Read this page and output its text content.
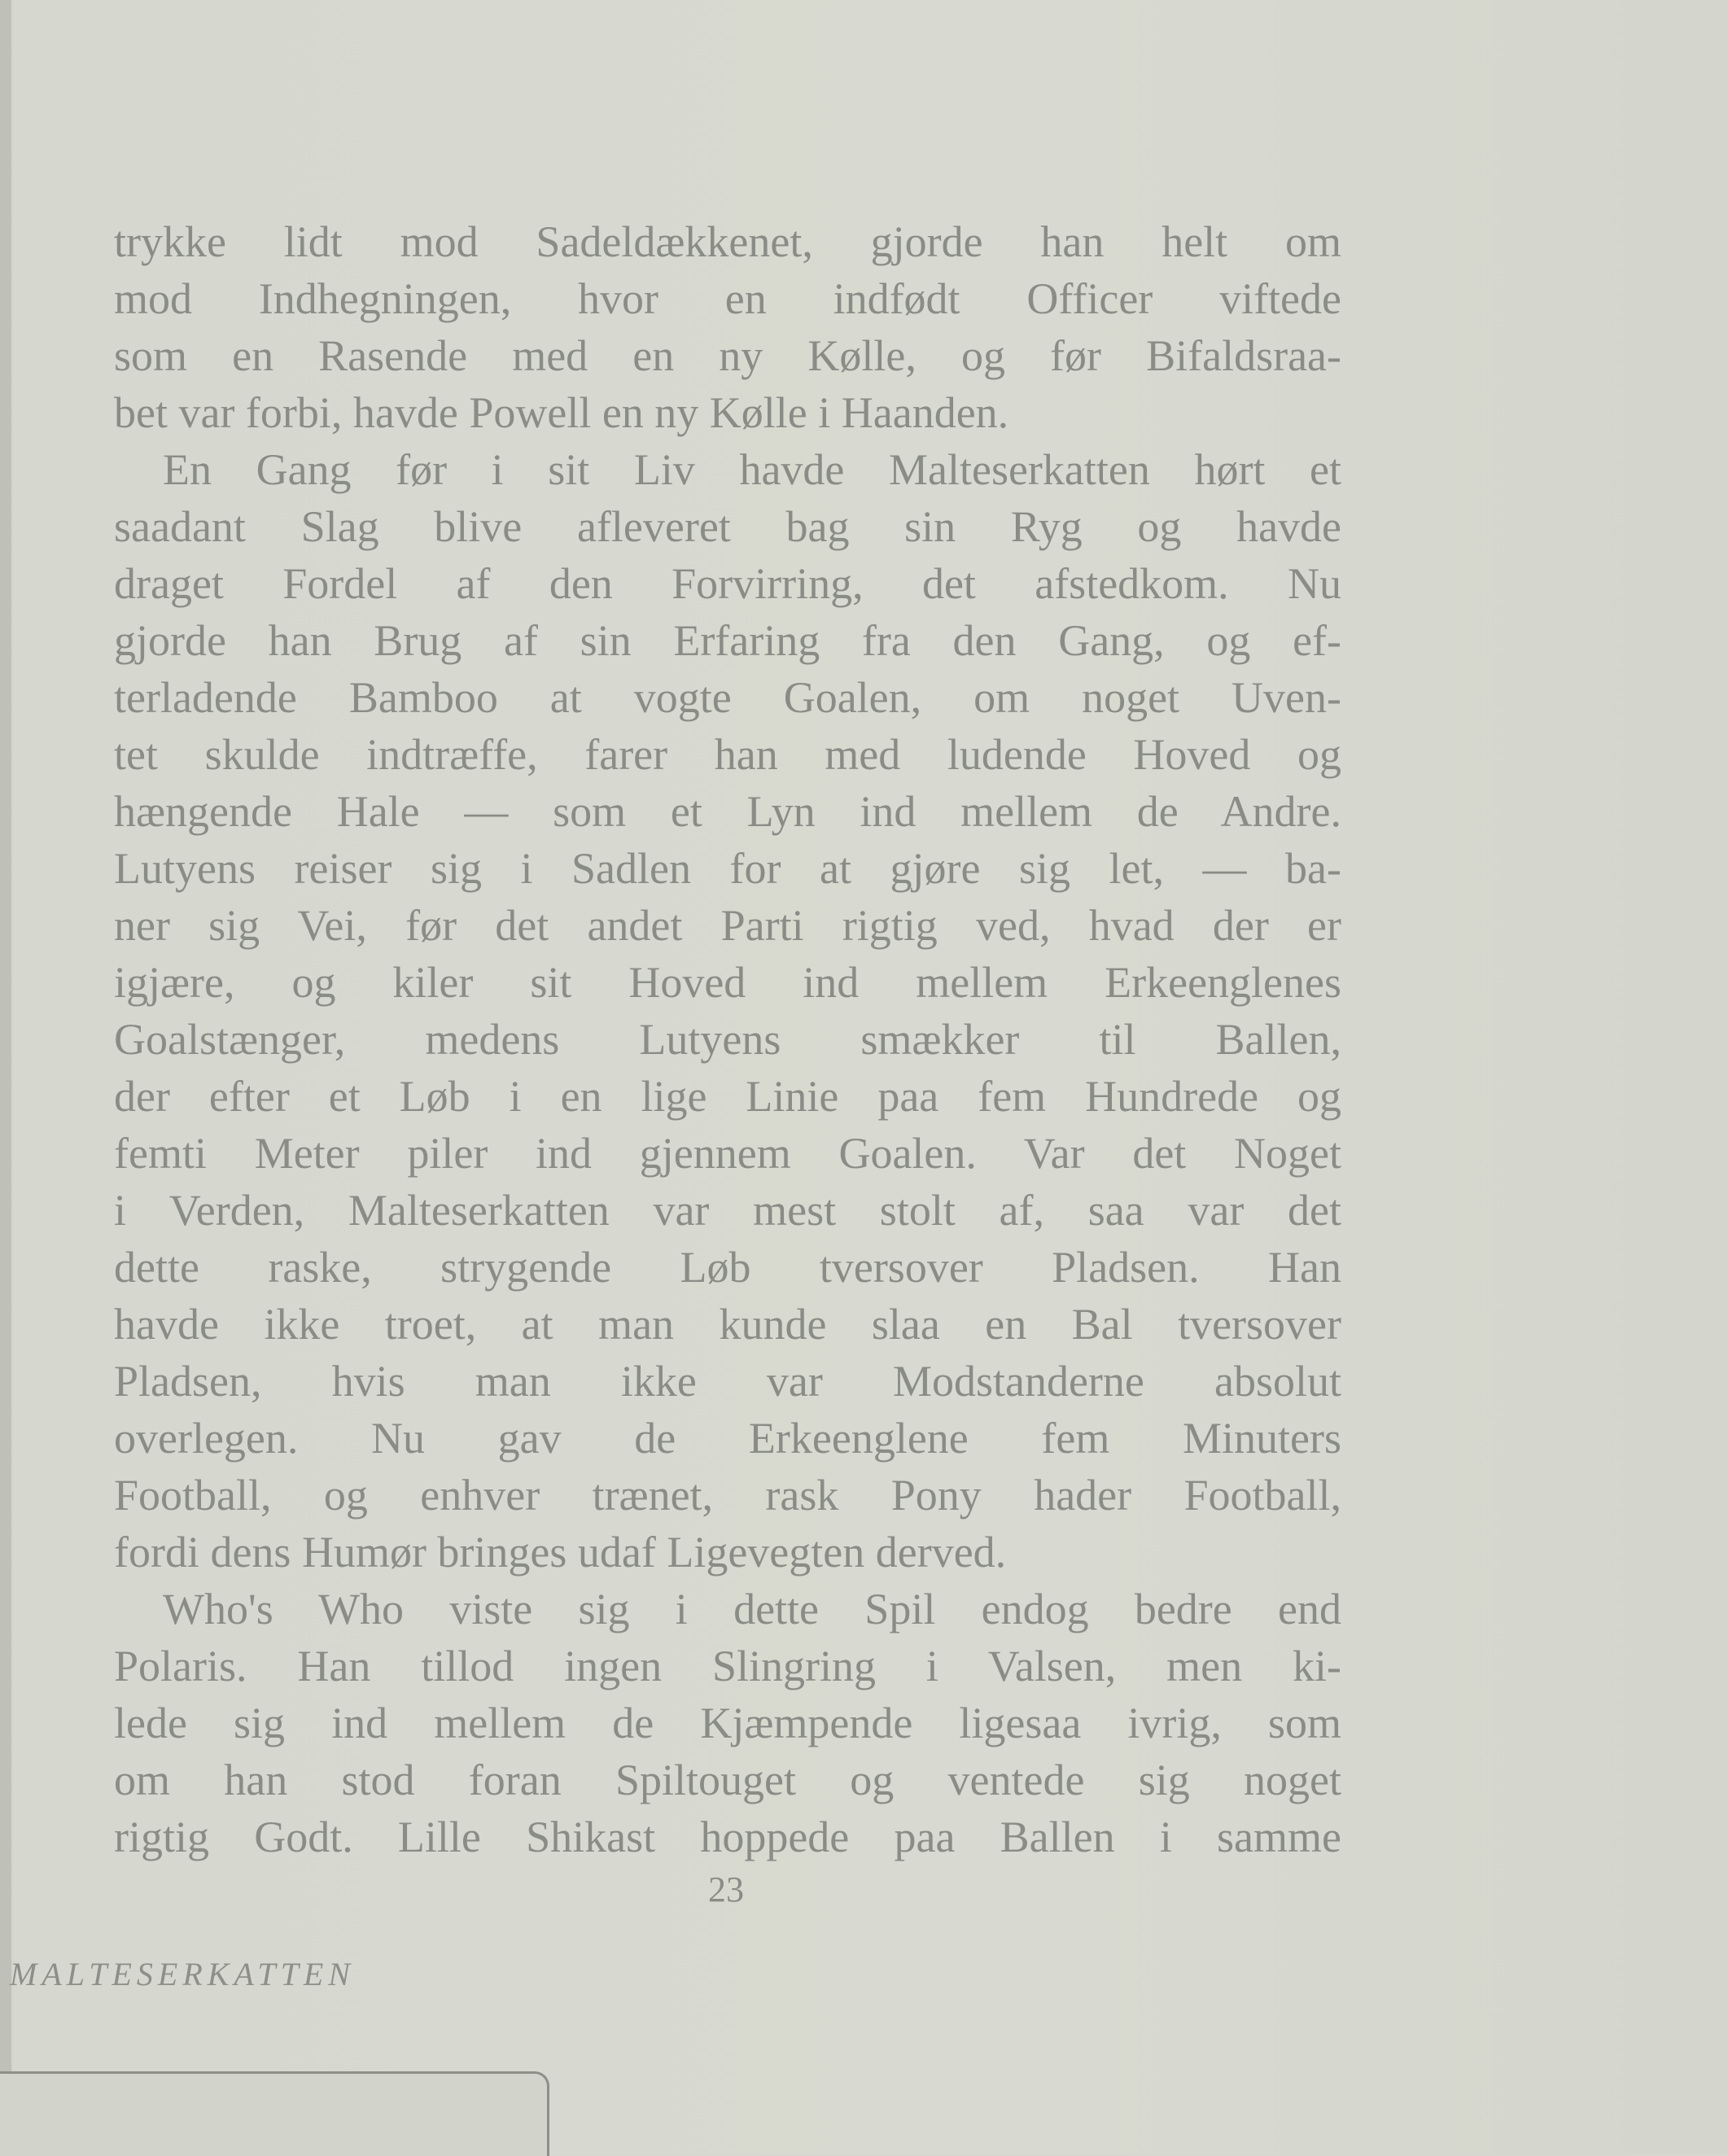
trykke lidt mod Sadeldækkenet, gjorde han helt om
mod Indhegningen, hvor en indfødt Officer viftede
som en Rasende med en ny Kølle, og før Bifaldsraa-
bet var forbi, havde Powell en ny Kølle i Haanden.
En Gang før i sit Liv havde Malteserkatten hørt et
saadant Slag blive afleveret bag sin Ryg og havde
draget Fordel af den Forvirring, det afstedkom. Nu
gjorde han Brug af sin Erfaring fra den Gang, og ef-
terladende Bamboo at vogte Goalen, om noget Uven-
tet skulde indtræffe, farer han med ludende Hoved og
hængende Hale — som et Lyn ind mellem de Andre.
Lutyens reiser sig i Sadlen for at gjøre sig let, — ba-
ner sig Vei, før det andet Parti rigtig ved, hvad der er
igjære, og kiler sit Hoved ind mellem Erkeenglenes
Goalstænger, medens Lutyens smækker til Ballen,
der efter et Løb i en lige Linie paa fem Hundrede og
femti Meter piler ind gjennem Goalen. Var det Noget
i Verden, Malteserkatten var mest stolt af, saa var det
dette raske, strygende Løb tversover Pladsen. Han
havde ikke troet, at man kunde slaa en Bal tversover
Pladsen, hvis man ikke var Modstanderne absolut
overlegen. Nu gav de Erkeenglene fem Minuters
Football, og enhver trænet, rask Pony hader Football,
fordi dens Humør bringes udaf Ligevegten derved.
Who's Who viste sig i dette Spil endog bedre end
Polaris. Han tillod ingen Slingring i Valsen, men ki-
lede sig ind mellem de Kjæmpende ligesaa ivrig, som
om han stod foran Spiltouget og ventede sig noget
rigtig Godt. Lille Shikast hoppede paa Ballen i samme
23
MALTESERKATTEN
